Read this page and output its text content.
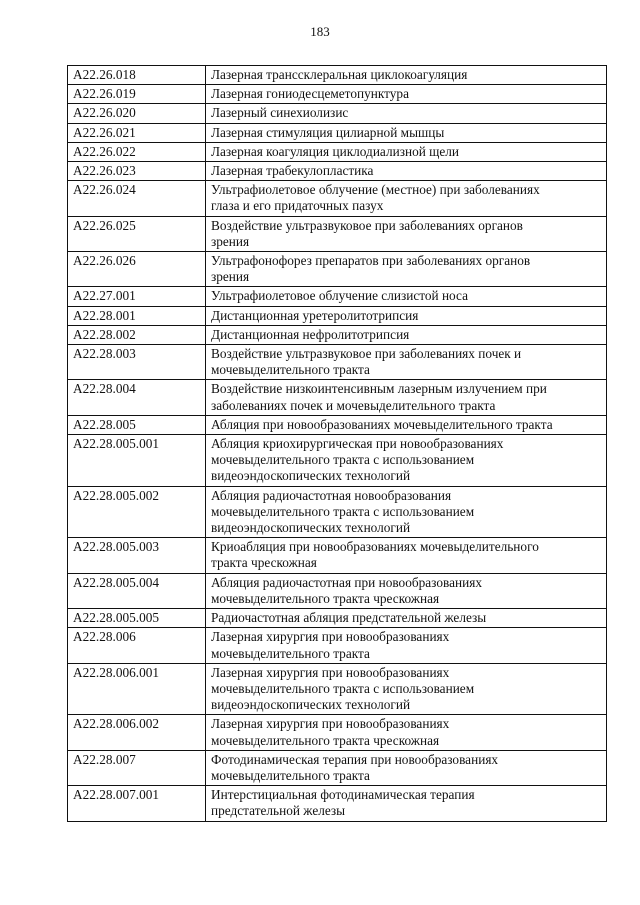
183
A22.26.018	Лазерная транссклеральная циклокоагуляция
A22.26.019	Лазерная гониодесцеметопунктура
A22.26.020	Лазерный синехиолизис
A22.26.021	Лазерная стимуляция цилиарной мышцы
A22.26.022	Лазерная коагуляция циклодиализной щели
A22.26.023	Лазерная трабекулопластика
A22.26.024	Ультрафиолетовое облучение (местное) при заболеваниях
глаза и его придаточных пазух
A22.26.025	Воздействие ультразвуковое при заболеваниях органов
зрения
A22.26.026	Ультрафонофорез препаратов при заболеваниях органов
зрения
A22.27.001	Ультрафиолетовое облучение слизистой носа
A22.28.001	Дистанционная уретеролитотрипсия
A22.28.002	Дистанционная нефролитотрипсия
A22.28.003	Воздействие ультразвуковое при заболеваниях почек и
мочевыделительного тракта
A22.28.004	Воздействие низкоинтенсивным лазерным излучением при
заболеваниях почек и мочевыделительного тракта
A22.28.005	Абляция при новообразованиях мочевыделительного тракта
A22.28.005.001	Абляция криохирургическая при новообразованиях
мочевыделительного тракта с использованием
видеоэндоскопических технологий
A22.28.005.002	Абляция радиочастотная новообразования
мочевыделительного тракта с использованием
видеоэндоскопических технологий
A22.28.005.003	Криоабляция при новообразованиях мочевыделительного
тракта чрескожная
A22.28.005.004	Абляция радиочастотная при новообразованиях
мочевыделительного тракта чрескожная
A22.28.005.005	Радиочастотная абляция предстательной железы
A22.28.006	Лазерная хирургия при новообразованиях
мочевыделительного тракта
A22.28.006.001	Лазерная хирургия при новообразованиях
мочевыделительного тракта с использованием
видеоэндоскопических технологий
A22.28.006.002	Лазерная хирургия при новообразованиях
мочевыделительного тракта чрескожная
A22.28.007	Фотодинамическая терапия при новообразованиях
мочевыделительного тракта
A22.28.007.001	Интерстициальная фотодинамическая терапия
предстательной железы
